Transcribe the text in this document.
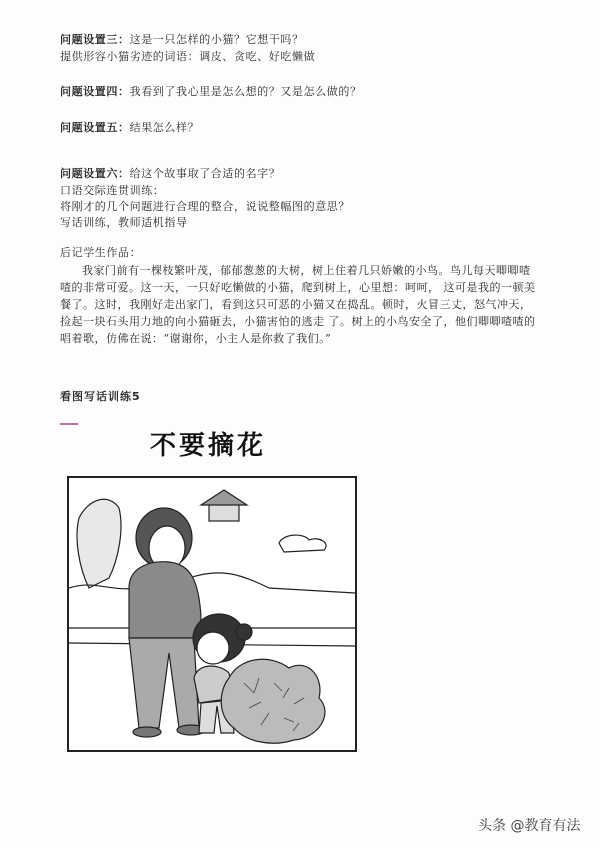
问题设置三：这是一只怎样的小猫？它想干吗？
提供形容小猫劣迹的词语：调皮、贪吃、好吃懒做
问题设置四：我看到了我心里是怎么想的？又是怎么做的？
问题设置五：结果怎么样？
问题设置六：给这个故事取了合适的名字？
口语交际连贯训练：
将刚才的几个问题进行合理的整合，说说整幅图的意思？
写话训练，教师适机指导
后记学生作品：
我家门前有一棵枝繁叶茂，郁郁葱葱的大树，树上住着几只娇嫩的小鸟。鸟儿每天唧唧喳喳的非常可爱。这一天，一只好吃懒做的小猫，爬到树上，心里想：呵呵， 这可是我的一顿美餐了。这时，我刚好走出家门，看到这只可恶的小猫又在捣乱。顿时，火冒三丈，怒气冲天，捡起一块石头用力地的向小猫砸去，小猫害怕的逃走 了。树上的小鸟安全了，他们唧唧喳喳的唱着歌，仿佛在说：“谢谢你，小主人是你救了我们。”
看图写话训练5
不要摘花
头条 @教育有法
